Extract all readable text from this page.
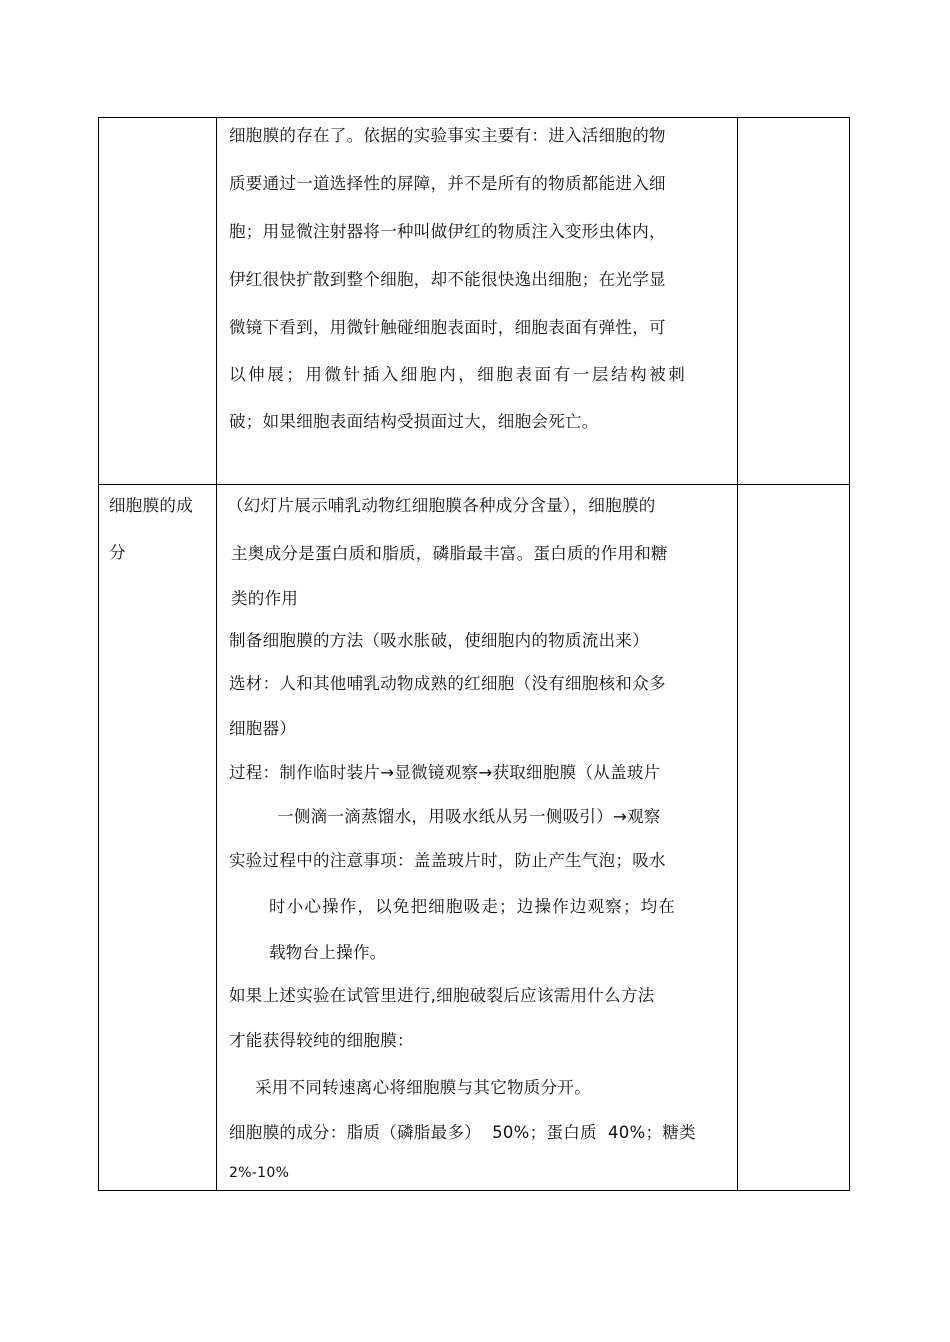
细胞膜的存在了。依据的实验事实主要有：进入活细胞的物
质要通过一道选择性的屏障，并不是所有的物质都能进入细
胞；用显微注射器将一种叫做伊红的物质注入变形虫体内，
伊红很快扩散到整个细胞，却不能很快逸出细胞；在光学显
微镜下看到，用微针触碰细胞表面时，细胞表面有弹性，可
以伸展；用微针插入细胞内，细胞表面有一层结构被刺
破；如果细胞表面结构受损面过大，细胞会死亡。
细胞膜的成
分
（幻灯片展示哺乳动物红细胞膜各种成分含量），细胞膜的
主奥成分是蛋白质和脂质，磷脂最丰富。蛋白质的作用和糖
类的作用
制备细胞膜的方法（吸水胀破，使细胞内的物质流出来）
选材：人和其他哺乳动物成熟的红细胞（没有细胞核和众多
细胞器）
过程：制作临时装片→显微镜观察→获取细胞膜（从盖玻片
一侧滴一滴蒸馏水，用吸水纸从另一侧吸引）→观察
实验过程中的注意事项：盖盖玻片时，防止产生气泡；吸水
时小心操作，以免把细胞吸走；边操作边观察；均在
载物台上操作。
如果上述实验在试管里进行,细胞破裂后应该需用什么方法
才能获得较纯的细胞膜：
采用不同转速离心将细胞膜与其它物质分开。
细胞膜的成分：脂质（磷脂最多）  50%；蛋白质  40%；糖类
2%-10%
